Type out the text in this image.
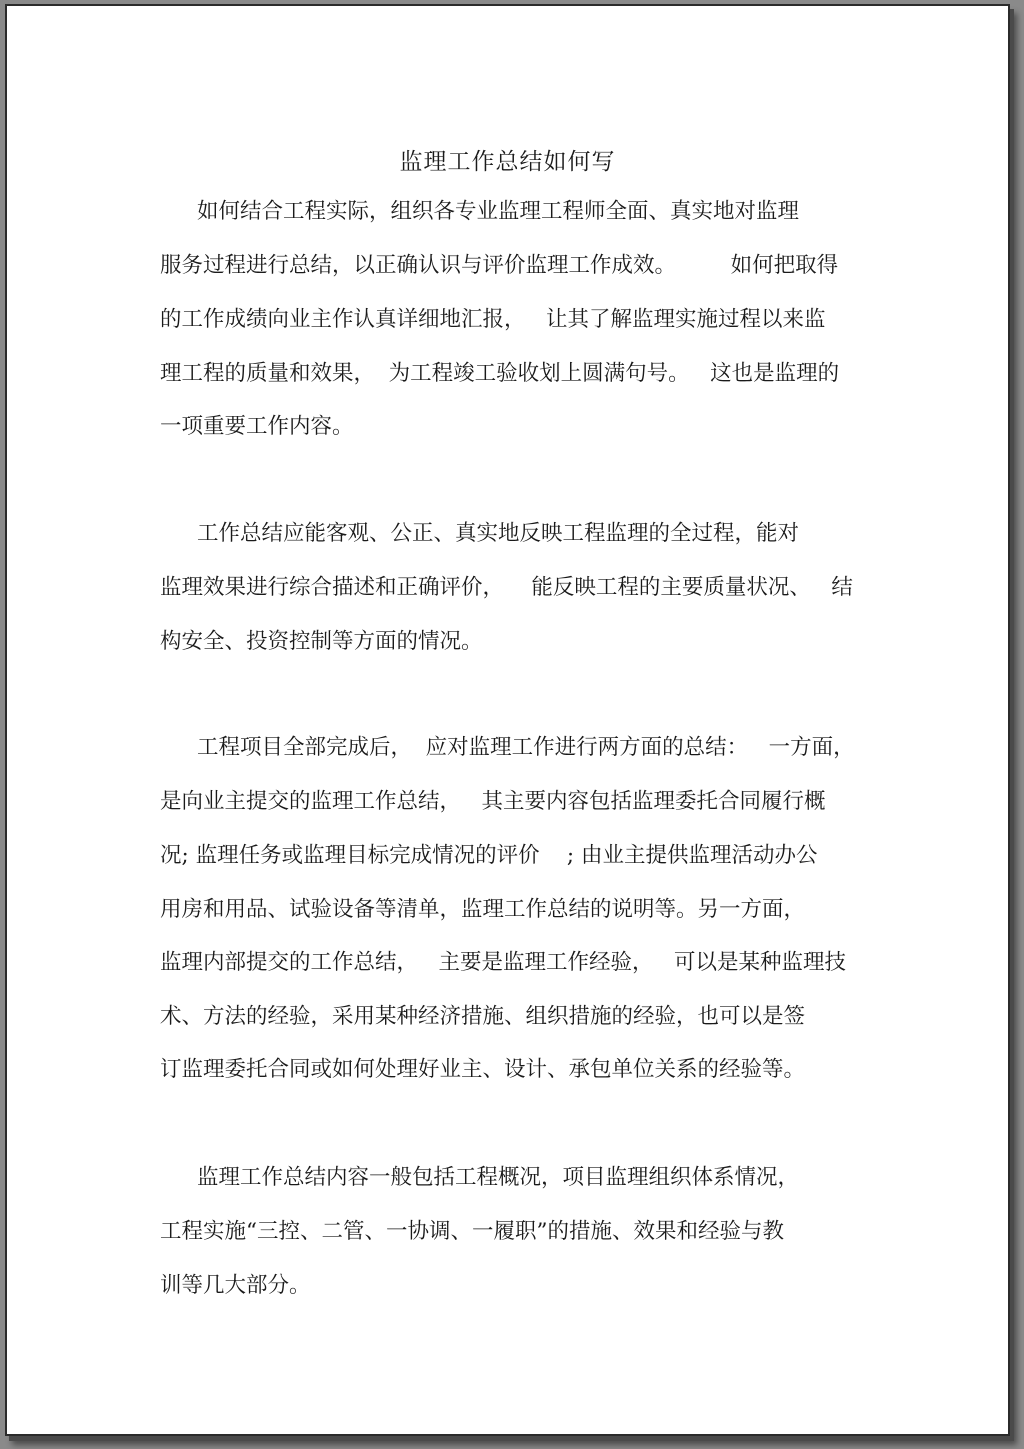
监理工作总结如何写
如何结合工程实际，组织各专业监理工程师全面、真实地对监理
服务过程进行总结，以正确认识与评价监理工作成效。        如何把取得
的工作成绩向业主作认真详细地汇报，   让其了解监理实施过程以来监
理工程的质量和效果，  为工程竣工验收划上圆满句号。   这也是监理的
一项重要工作内容。
工作总结应能客观、公正、真实地反映工程监理的全过程，能对
监理效果进行综合描述和正确评价，    能反映工程的主要质量状况、   结
构安全、投资控制等方面的情况。
工程项目全部完成后，  应对监理工作进行两方面的总结：   一方面，
是向业主提交的监理工作总结，   其主要内容包括监理委托合同履行概
况; 监理任务或监理目标完成情况的评价    ; 由业主提供监理活动办公
用房和用品、试验设备等清单，监理工作总结的说明等。另一方面，
监理内部提交的工作总结，   主要是监理工作经验，   可以是某种监理技
术、方法的经验，采用某种经济措施、组织措施的经验，也可以是签
订监理委托合同或如何处理好业主、设计、承包单位关系的经验等。
监理工作总结内容一般包括工程概况，项目监理组织体系情况，
工程实施“三控、二管、一协调、一履职”的措施、效果和经验与教
训等几大部分。
